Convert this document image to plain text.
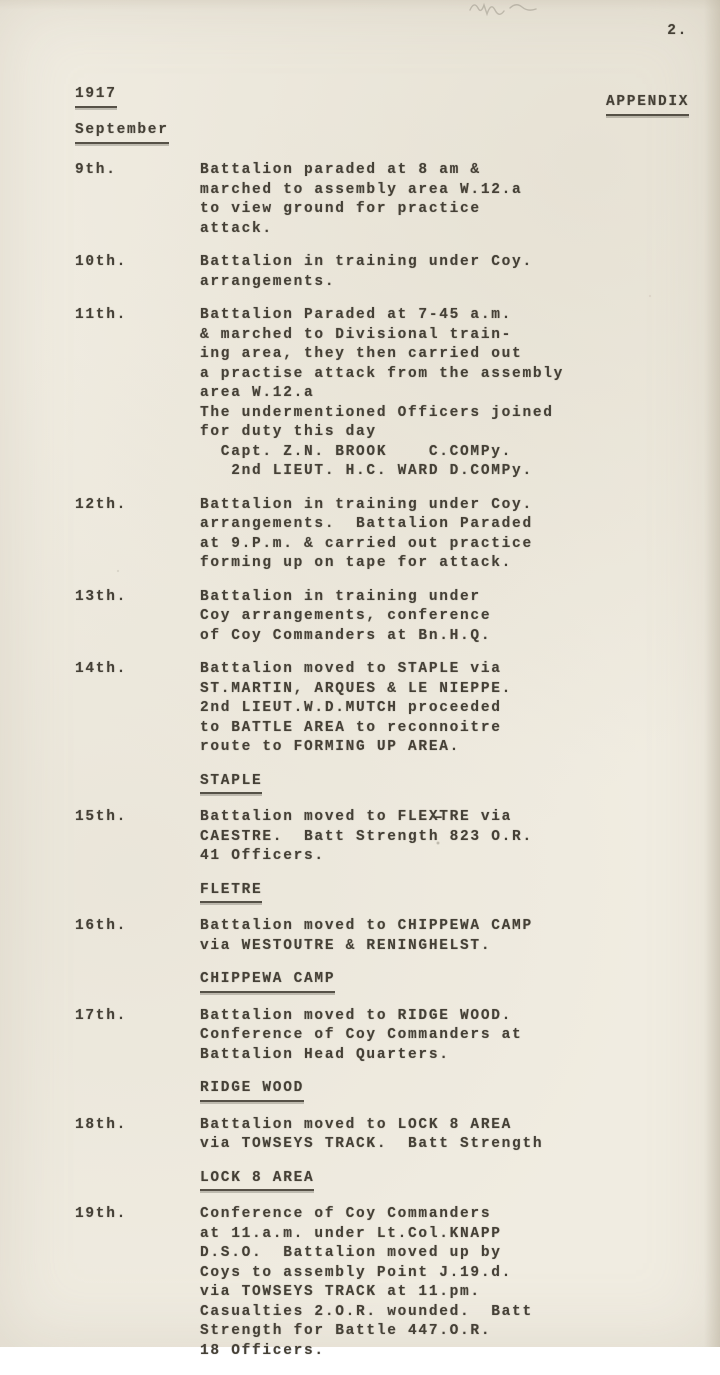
2.
1917	APPENDIX
September
9th.	Battalion paraded at 8 am &
marched to assembly area W.12.a
to view ground for practice
attack.
10th.	Battalion in training under Coy.
arrangements.
11th.	Battalion Paraded at 7-45 a.m.
& marched to Divisional train-
ing area, they then carried out
a practise attack from the assembly
area W.12.a
The undermentioned Officers joined
for duty this day
Capt. Z.N. BROOK    C.COMPy.
2nd LIEUT. H.C. WARD D.COMPy.
12th.	Battalion in training under Coy.
arrangements.  Battalion Paraded
at 9.P.m. & carried out practice
forming up on tape for attack.
13th.	Battalion in training under
Coy arrangements, conference
of Coy Commanders at Bn.H.Q.
14th.	Battalion moved to STAPLE via
ST.MARTIN, ARQUES & LE NIEPPE.
2nd LIEUT.W.D.MUTCH proceeded
to BATTLE AREA to reconnoitre
route to FORMING UP AREA.
STAPLE
15th.	Battalion moved to FLEX̶TRE via
CAESTRE.  Batt Strength 823 O.R.
41 Officers.
FLETRE
16th.	Battalion moved to CHIPPEWA CAMP
via WESTOUTRE & RENINGHELST.
CHIPPEWA CAMP
17th.	Battalion moved to RIDGE WOOD.
Conference of Coy Commanders at
Battalion Head Quarters.
RIDGE WOOD
18th.	Battalion moved to LOCK 8 AREA
via TOWSEYS TRACK.  Batt Strength
LOCK 8 AREA
19th.	Conference of Coy Commanders
at 11.a.m. under Lt.Col.KNAPP
D.S.O.  Battalion moved up by
Coys to assembly Point J.19.d.
via TOWSEYS TRACK at 11.pm.
Casualties 2.O.R. wounded.  Batt
Strength for Battle 447.O.R.
18 Officers.
